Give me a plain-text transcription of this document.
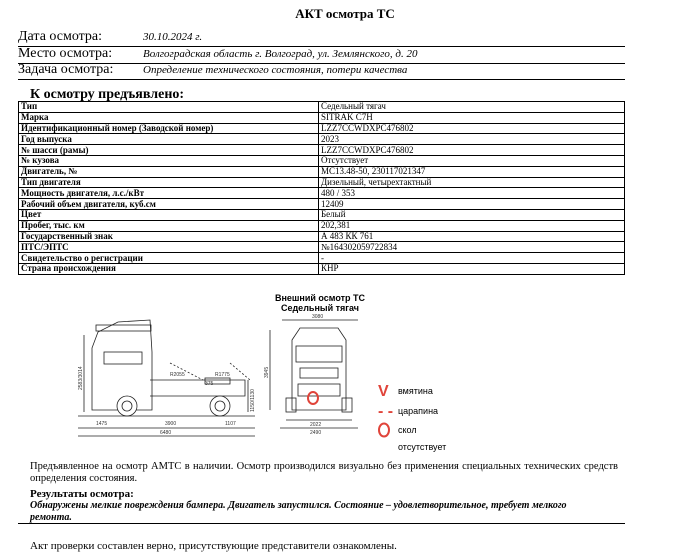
АКТ осмотра ТС
Дата осмотра:	30.10.2024 г.
Место осмотра:	Волгоградская область г. Волгоград, ул. Землянского, д. 20
Задача осмотра:	Определение технического состояния, потери качества
К осмотру предъявлено:
Тип	Седельный тягач
Марка	SITRAK C7H
Идентификационный номер (Заводской номер)	LZZ7CCWDXPC476802
Год выпуска	2023
№ шасси (рамы)	LZZ7CCWDXPC476802
№ кузова	Отсутствует
Двигатель, №	MC13.48-50, 230117021347
Тип двигателя	Дизельный, четырехтактный
Мощность двигателя, л.с./кВт	480 / 353
Рабочий объем двигателя, куб.см	12409
Цвет	Белый
Пробег, тыс. км	202,381
Государственный знак	А 483 КК 761
ПТС/ЭПТС	№164302059722834
Свидетельство о регистрации	-
Страна происхождения	КНР
Внешний осмотр ТС
Седельный тягач
1475	3900	1107
6480
R2055	R1775
375
2583/3014
1150/1130
3080
2022
2490
3945
V
- -
вмятина
царапина
скол
отсутствует
Предъявленное на осмотр АМТС в наличии. Осмотр производился визуально без применения специальных технических средств определения состояния.
Результаты осмотра:
Обнаружены мелкие повреждения бампера. Двигатель запустился. Состояние – удовлетворительное, требует мелкого ремонта.
Акт проверки составлен верно, присутствующие представители ознакомлены.
